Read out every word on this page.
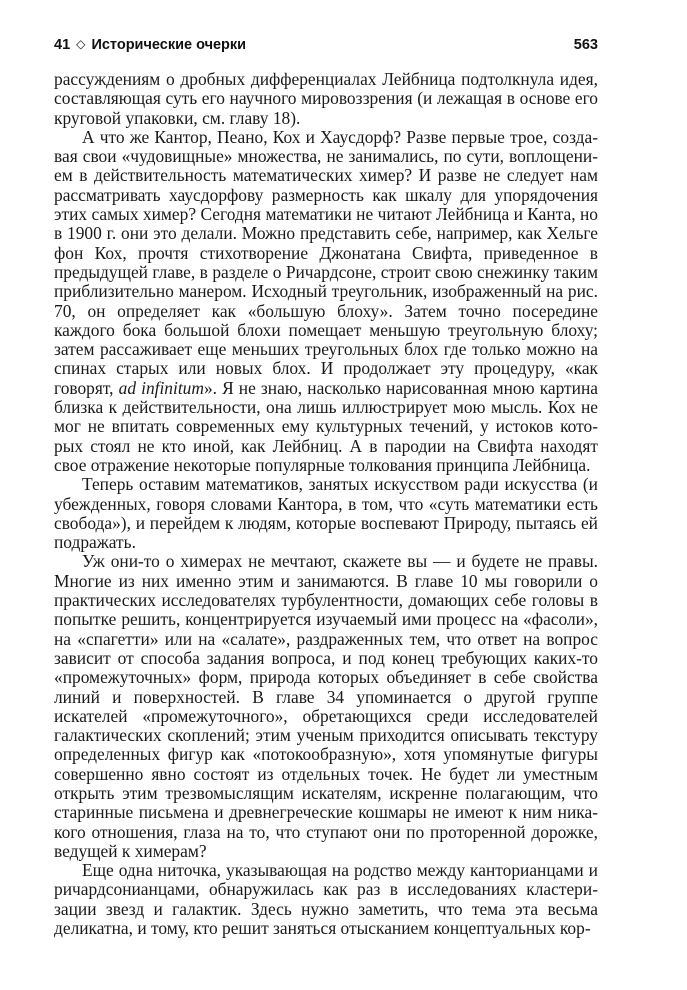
41 ◇ Исторические очерки	563

рассуждениям о дробных дифференциалах Лейбница подтолкнула идея, составляющая суть его научного мировоззрения (и лежащая в основе его круговой упаковки, см. главу 18).

А что же Кантор, Пеано, Кох и Хаусдорф? Разве первые трое, создавая свои «чудовищные» множества, не занимались, по сути, воплощением в действительность математических химер? И разве не следует нам рассматривать хаусдорфову размерность как шкалу для упорядочения этих самых химер? Сегодня математики не читают Лейбница и Канта, но в 1900 г. они это делали. Можно представить себе, например, как Хельге фон Кох, прочтя стихотворение Джонатана Свифта, приведенное в предыдущей главе, в разделе о Ричардсоне, строит свою снежинку таким приблизительно манером. Исходный треугольник, изображенный на рис. 70, он определяет как «большую блоху». Затем точно посередине каждого бока большой блохи помещает меньшую треугольную блоху; затем рассаживает еще меньших треугольных блох где только можно на спинах старых или новых блох. И продолжает эту процедуру, «как говорят, ad infinitum». Я не знаю, насколько нарисованная мною картина близка к действительности, она лишь иллюстрирует мою мысль. Кох не мог не впитать современных ему культурных течений, у истоков которых стоял не кто иной, как Лейбниц. А в пародии на Свифта находят свое отражение некоторые популярные толкования принципа Лейбница.

Теперь оставим математиков, занятых искусством ради искусства (и убежденных, говоря словами Кантора, в том, что «суть математики есть свобода»), и перейдем к людям, которые воспевают Природу, пытаясь ей подражать.

Уж они-то о химерах не мечтают, скажете вы — и будете не правы. Многие из них именно этим и занимаются. В главе 10 мы говорили о практических исследователях турбулентности, домающих себе головы в попытке решить, концентрируется изучаемый ими процесс на «фасоли», на «спагетти» или на «салате», раздраженных тем, что ответ на вопрос зависит от способа задания вопроса, и под конец требующих каких-то «промежуточных» форм, природа которых объединяет в себе свойства линий и поверхностей. В главе 34 упоминается о другой группе искателей «промежуточного», обретающихся среди исследователей галактических скоплений; этим ученым приходится описывать текстуру определенных фигур как «потокообразную», хотя упомянутые фигуры совершенно явно состоят из отдельных точек. Не будет ли уместным открыть этим трезвомыслящим искателям, искренне полагающим, что старинные письмена и древнегреческие кошмары не имеют к ним никакого отношения, глаза на то, что ступают они по проторенной дорожке, ведущей к химерам?

Еще одна ниточка, указывающая на родство между канторианцами и ричардсонианцами, обнаружилась как раз в исследованиях кластеризации звезд и галактик. Здесь нужно заметить, что тема эта весьма деликатна, и тому, кто решит заняться отысканием концептуальных кор-
